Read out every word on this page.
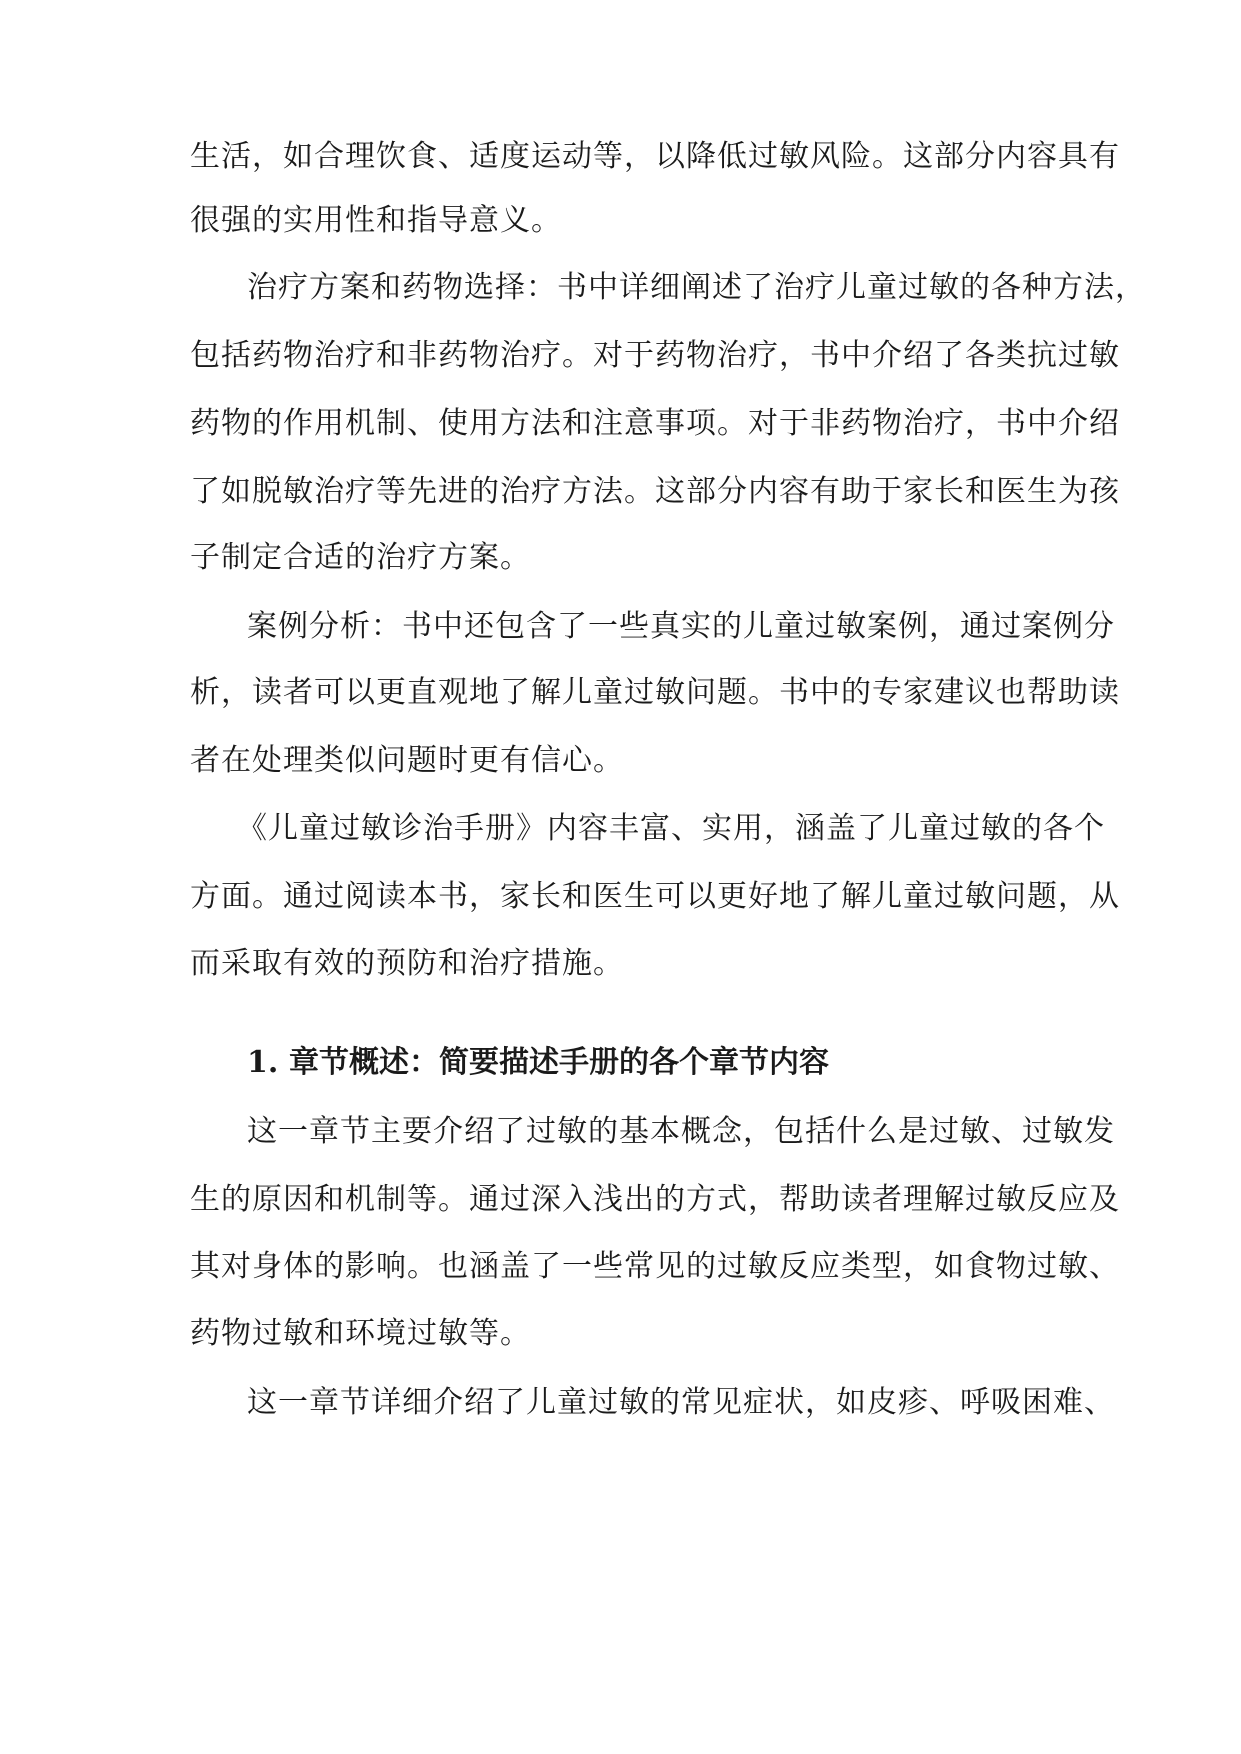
生活，如合理饮食、适度运动等，以降低过敏风险。这部分内容具有
很强的实用性和指导意义。
治疗方案和药物选择：书中详细阐述了治疗儿童过敏的各种方法，
包括药物治疗和非药物治疗。对于药物治疗，书中介绍了各类抗过敏
药物的作用机制、使用方法和注意事项。对于非药物治疗，书中介绍
了如脱敏治疗等先进的治疗方法。这部分内容有助于家长和医生为孩
子制定合适的治疗方案。
案例分析：书中还包含了一些真实的儿童过敏案例，通过案例分
析，读者可以更直观地了解儿童过敏问题。书中的专家建议也帮助读
者在处理类似问题时更有信心。
《儿童过敏诊治手册》内容丰富、实用，涵盖了儿童过敏的各个
方面。通过阅读本书，家长和医生可以更好地了解儿童过敏问题，从
而采取有效的预防和治疗措施。
1. 章节概述：简要描述手册的各个章节内容
这一章节主要介绍了过敏的基本概念，包括什么是过敏、过敏发
生的原因和机制等。通过深入浅出的方式，帮助读者理解过敏反应及
其对身体的影响。也涵盖了一些常见的过敏反应类型，如食物过敏、
药物过敏和环境过敏等。
这一章节详细介绍了儿童过敏的常见症状，如皮疹、呼吸困难、
